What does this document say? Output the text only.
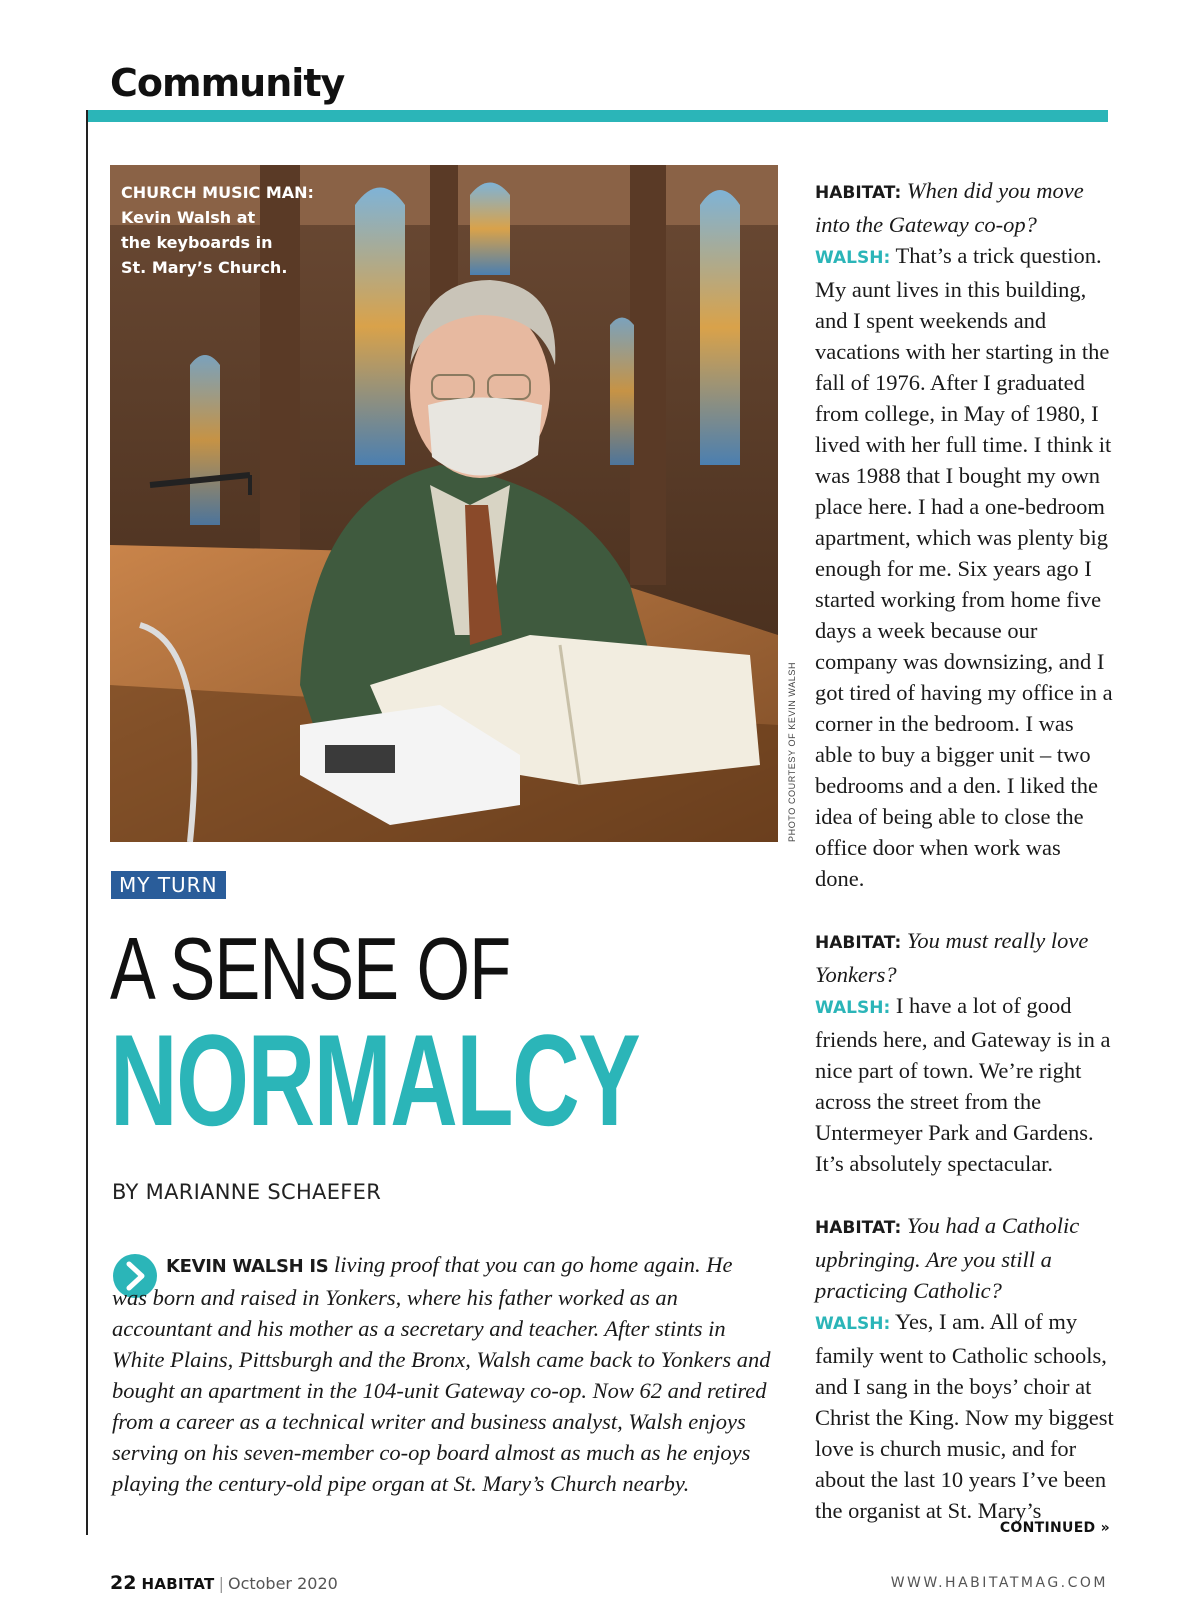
Community
CHURCH MUSIC MAN:
Kevin Walsh at
the keyboards in
St. Mary’s Church.
PHOTO COURTESY OF KEVIN WALSH
MY TURN
A SENSE OF
NORMALCY
BY MARIANNE SCHAEFER
KEVIN WALSH IS living proof that you can go home again. He was born and raised in Yonkers, where his father worked as an accountant and his mother as a secretary and teacher. After stints in White Plains, Pittsburgh and the Bronx, Walsh came back to Yonkers and bought an apartment in the 104-unit Gateway co-op. Now 62 and retired from a career as a technical writer and business analyst, Walsh enjoys serving on his seven-member co-op board almost as much as he enjoys playing the century-old pipe organ at St. Mary’s Church nearby.

HABITAT: When did you move into the Gateway co-op?

WALSH: That’s a trick question. My aunt lives in this building, and I spent weekends and vacations with her starting in the fall of 1976. After I graduated from college, in May of 1980, I lived with her full time. I think it was 1988 that I bought my own place here. I had a one-bedroom apartment, which was plenty big enough for me. Six years ago I started working from home five days a week because our company was downsizing, and I got tired of having my office in a corner in the bedroom. I was able to buy a bigger unit – two bedrooms and a den. I liked the idea of being able to close the office door when work was done.

HABITAT: You must really love Yonkers?

WALSH: I have a lot of good friends here, and Gateway is in a nice part of town. We’re right across the street from the Untermeyer Park and Gardens. It’s absolutely spectacular.

HABITAT: You had a Catholic upbringing. Are you still a practicing Catholic?

WALSH: Yes, I am. All of my family went to Catholic schools, and I sang in the boys’ choir at Christ the King. Now my biggest love is church music, and for about the last 10 years I’ve been the organist at St. Mary’s

CONTINUED »
22 HABITAT | October 2020	WWW.HABITATMAG.COM
